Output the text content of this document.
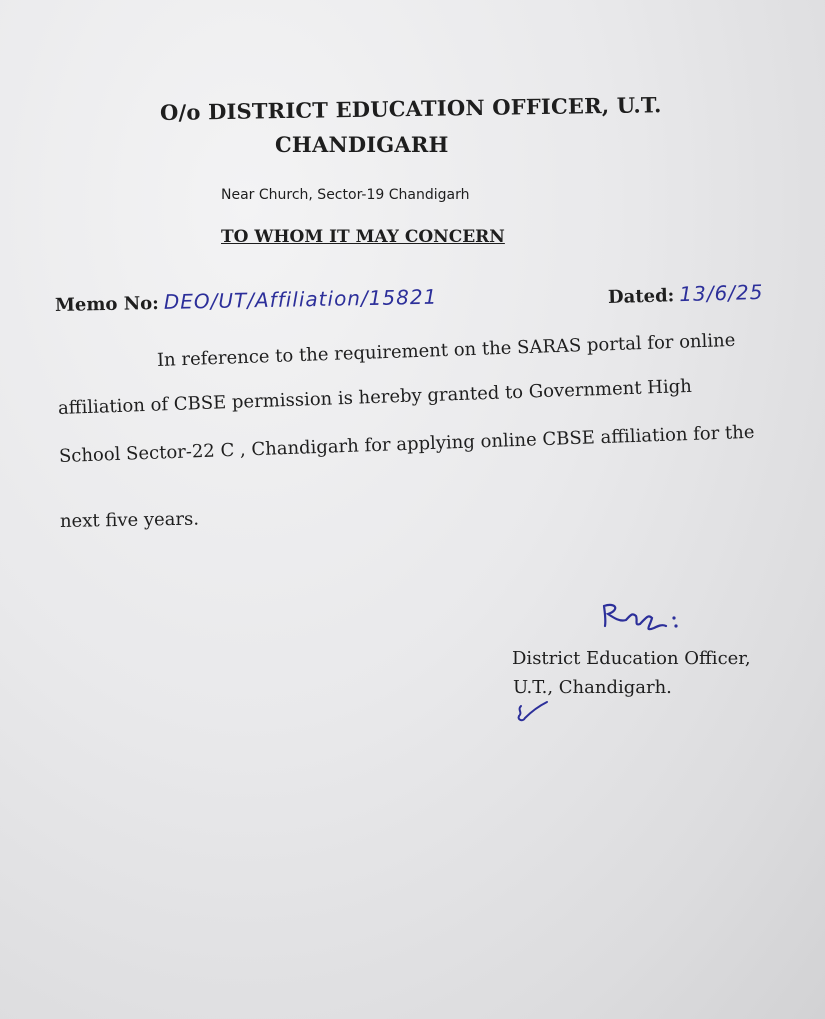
O/o DISTRICT EDUCATION OFFICER, U.T.
CHANDIGARH
Near Church, Sector-19 Chandigarh
TO WHOM IT MAY CONCERN
Memo No: DEO/UT/Affiliation/15821	Dated: 13/6/25
In reference to the requirement on the SARAS portal for online
affiliation of CBSE permission is hereby granted to Government High
School Sector-22 C , Chandigarh for applying online CBSE affiliation for the
next five years.
District Education Officer,
U.T., Chandigarh.
